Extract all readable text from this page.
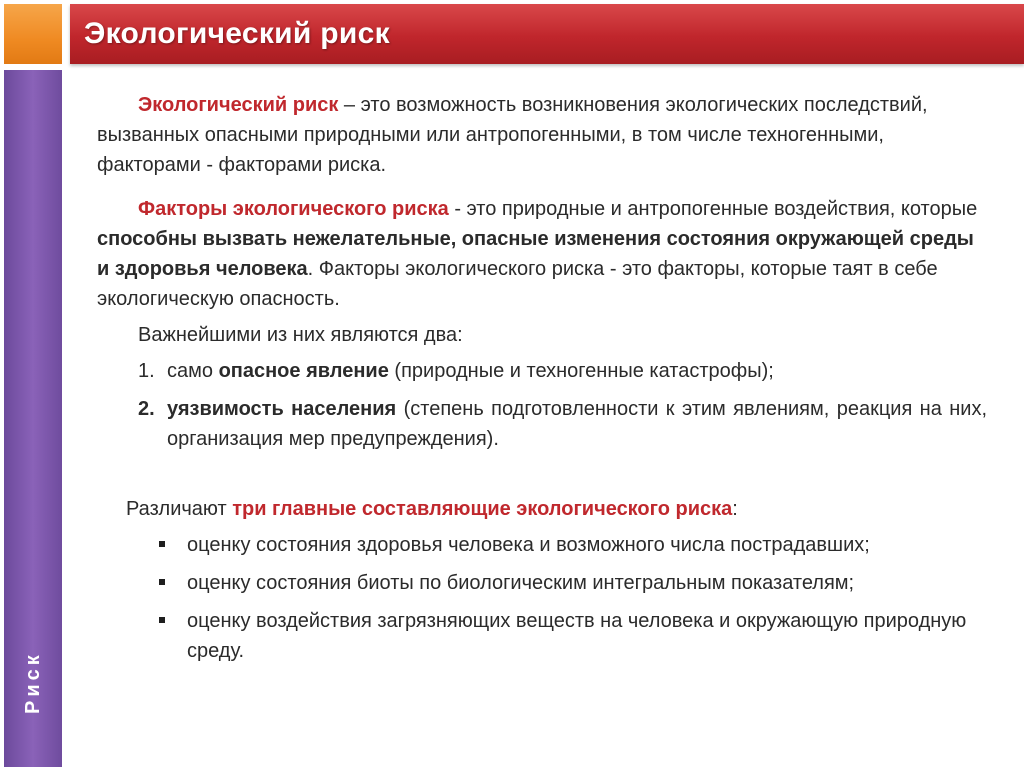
Экологический риск
Риск

Экологический риск – это возможность возникновения экологических последствий, вызванных опасными природными или антропогенными, в том числе техногенными, факторами - факторами риска.

Факторы экологического риска - это природные и антропогенные воздействия, которые способны вызвать нежелательные, опасные изменения состояния окружающей среды и здоровья человека. Факторы экологического риска - это факторы, которые таят в себе экологическую опасность.

Важнейшими из них являются два:

1. само опасное явление (природные и техногенные катастрофы);
2. уязвимость населения (степень подготовленности к этим явлениям, реакция на них, организация мер предупреждения).

Различают три главные составляющие экологического риска:

оценку состояния здоровья человека и возможного числа пострадавших;
оценку состояния биоты по биологическим интегральным показателям;
оценку воздействия загрязняющих веществ на человека и окружающую природную среду.
